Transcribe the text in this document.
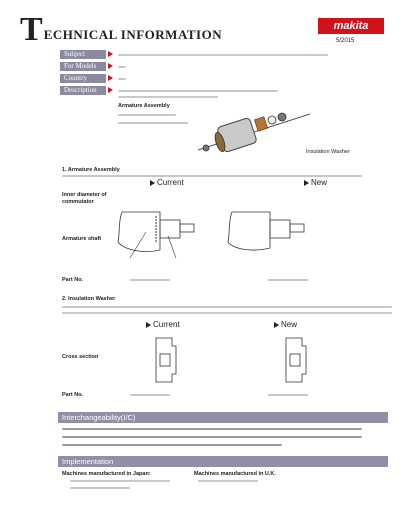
T ECHNICAL INFORMATION
makita
5/2015
Subject
For Models
Country
Description
Armature Assembly
Insulation Washer
1. Armature Assembly
Current	New
Inner diameter of
commutator
Armature shaft
Part No.
2. Insulation Washer
Current	New
Cross section
Part No.
Interchangeability(I/C)
Implementation
Machines manufactured in Japan:	Machines manufactured in U.K.
